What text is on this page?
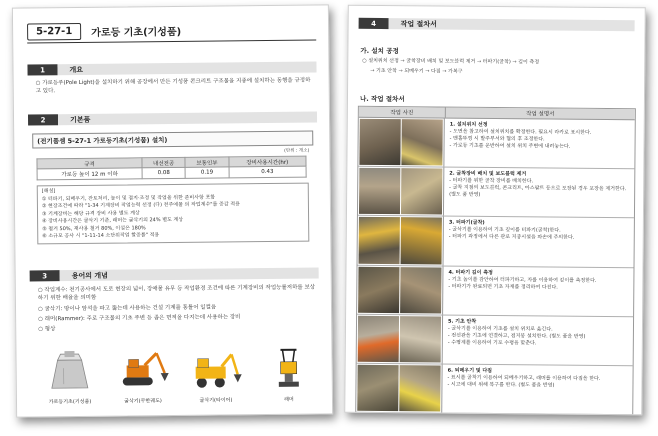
5-27-1	가로등 기초(기성품)
1	개요
○ 가로등주(Pole Light)을 설치하기 위해 공장에서 만든 기성품 콘크리트 구조물을 지중에 설치하는 동행을 규정하고 있다.
2	기본품
(전기품셈 5-27-1 가로등기초(기성품) 설치)
(탄위 : 개소)
규격	내선전공	보통인부	장비사용시간(hr)
가로등 높이 12 m 이하	0.08	0.19	0.43
[해설]
① 터파기, 되메우기, 잔토처리, 높이 및 접지·조정 및 작업을 위한 준비사항 포함
② 현장조건에 따라 "1-34 기계장비 작업능력 선정 (다) 천주예물 의 작업계수"를 증감 적용
③ 기계장비는 해당 규격 장비 사용 별도 계상
④ 장비사용시간은 굴삭기 기준, 래머는 굴삭기의 24% 별도 계상
⑤ 철거 50%, 재사용 철거 80%, 이설은 180%
⑥ 소규모 공사 시 "1-11-14 소단위작업 할증률" 적용
3	용어의 개념
○ 작업계수: 천기공사에서 도로 현장의 넓이, 장애물 유무 등 작업환경 조건에 따른 기계장비의 작업능률저하를 보상하기 위한 배율을 의미함
○ 굴삭기: 땅이나 암석을 파고 뚫는데 사용하는 건설 기계를 통틀어 일컬음
○ 래머(Rammer): 주로 구조물의 기초 주변 등 좁은 면적을 다지는데 사용하는 장비
○ 형상
가로등기초(기성품)	굴삭기(무한궤도)	굴삭기(타이어)	래머
4	작업 절차서
가. 설치 공정
○ 설치위치 선정 → 굴착장비 배치 및 보도블럭 제거 → 터파기(굴착) → 깊이 측정
→ 기초 안착 → 되메우기 → 다짐 → 가복구
나. 작업 절차서
작업 사진	작업 설명서
1. 설치위치 선정
- 도면을 참고하여 설치위치를 확정한다. 필요시 라카로 표시한다.
- 맨홀뚜껑 시 발주부서와 협의 후 조정한다.
- 가로등 기초를 운반하여 설치 위치 주변에 내려놓는다.
2. 굴착장비 배치 및 보도블럭 제거
- 터파기를 위한 굴착 장비를 배치한다.
- 굴착 지점의 보도블럭, 콘크리트, 아스팔트 등으로 포장된 경우 포장을 제거한다. (별도 품 반영)
3. 터파기(굴착)
- 굴삭기를 이용하여 기초 깊이를 터파기(굴착)한다.
- 터파기 과정에서 다른 관로 지중시설을 파손에 주의한다.
4. 터파기 깊이 측정
- 기초 높이를 감안하여 터파기하고, 자를 이용하여 깊이를 측정한다.
- 터파기가 완료되면 기초 자재를 정리하여 다진다.
5. 기초 안착
- 굴삭기를 이용하여 기초를 설치 위치로 옮긴다.
- 전선관을 기초에 연결하고, 접지봉 설치한다. (별도 품을 반영)
- 수평계를 이용하여 기포 수평을 맞춘다.
6. 되메우기 및 다짐
- 표시를 굴착기 이용하여 되메우기하고, 래머를 이용하여 다짐을 한다.
- 시고에 대비 위해 복구를 한다. (별도 품을 반영)
